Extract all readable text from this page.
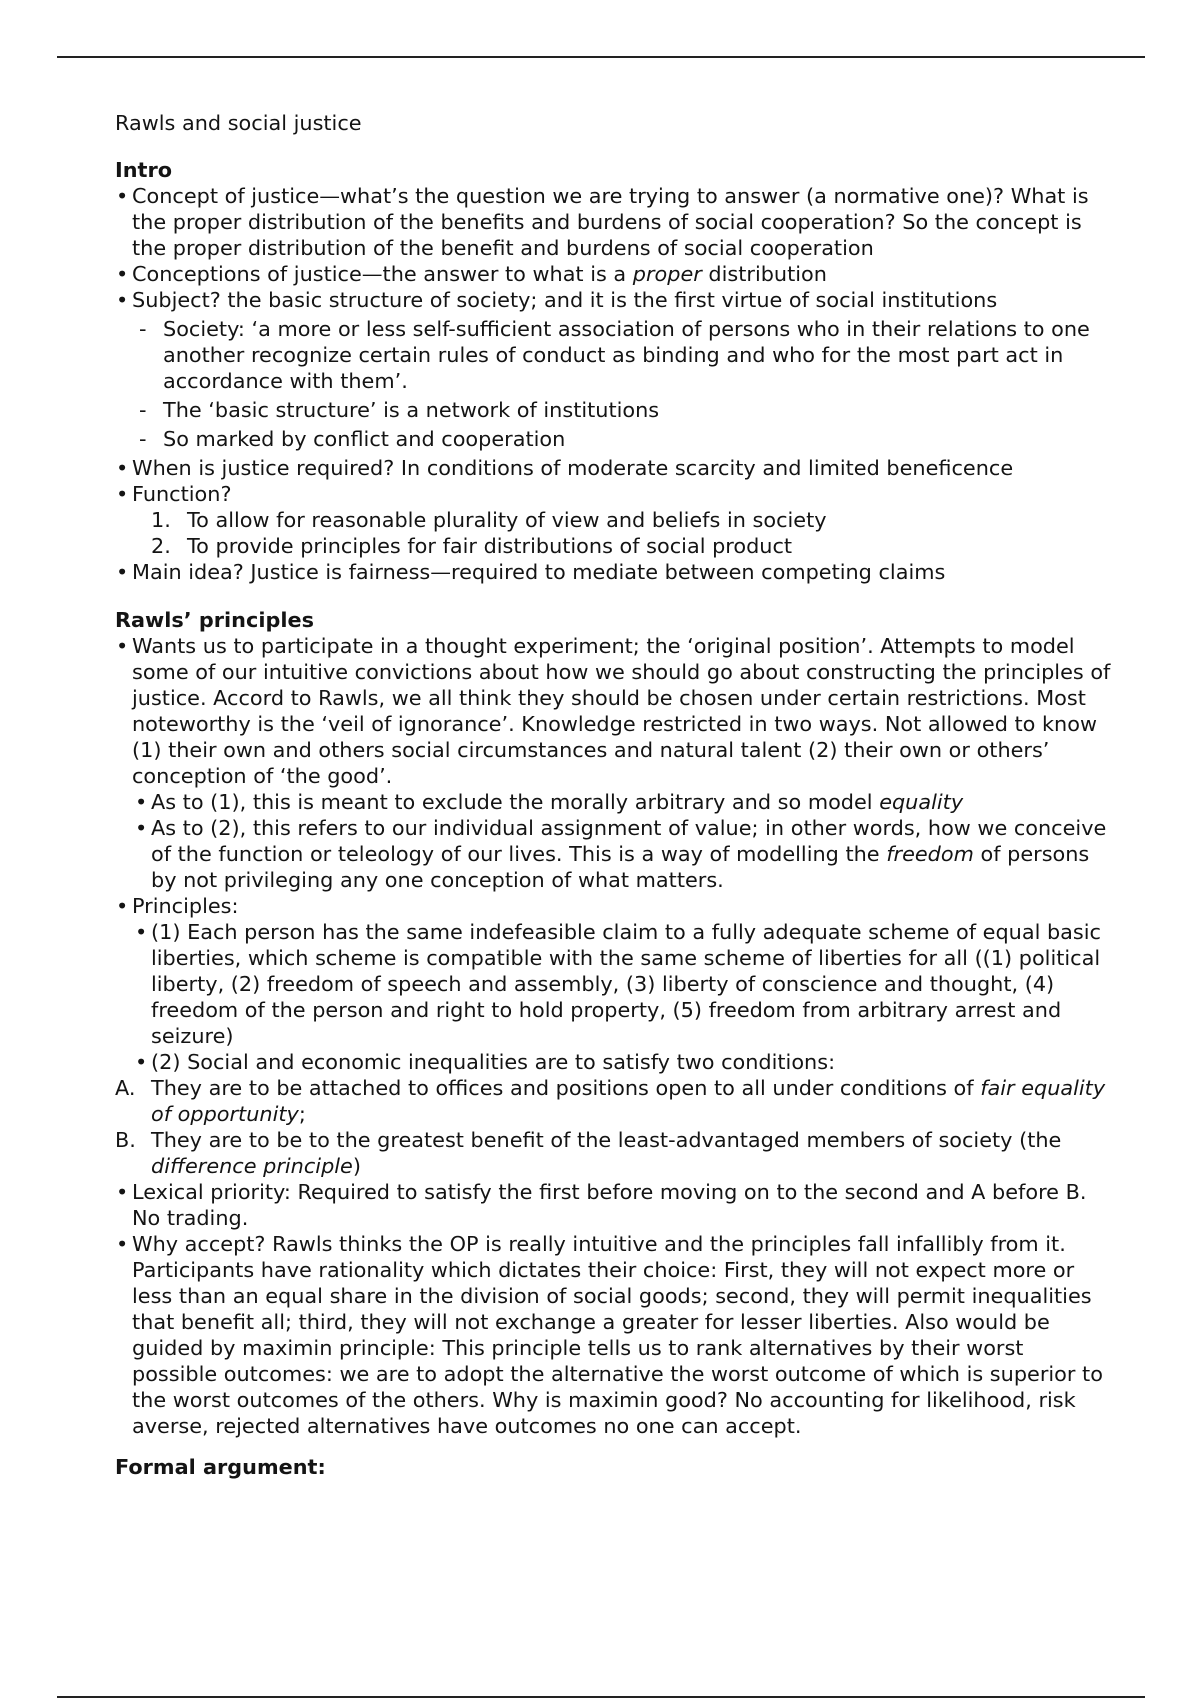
Rawls and social justice
Intro
• Concept of justice—what’s the question we are trying to answer (a normative one)? What is the proper distribution of the benefits and burdens of social cooperation? So the concept is the proper distribution of the benefit and burdens of social cooperation
• Conceptions of justice—the answer to what is a proper distribution
• Subject? the basic structure of society; and it is the first virtue of social institutions
- Society: ‘a more or less self-sufficient association of persons who in their relations to one another recognize certain rules of conduct as binding and who for the most part act in accordance with them’.
- The ‘basic structure’ is a network of institutions
- So marked by conflict and cooperation
• When is justice required? In conditions of moderate scarcity and limited beneficence
• Function?
1. To allow for reasonable plurality of view and beliefs in society
2. To provide principles for fair distributions of social product
• Main idea? Justice is fairness—required to mediate between competing claims
Rawls’ principles
• Wants us to participate in a thought experiment; the ‘original position’. Attempts to model some of our intuitive convictions about how we should go about constructing the principles of justice. Accord to Rawls, we all think they should be chosen under certain restrictions. Most noteworthy is the ‘veil of ignorance’. Knowledge restricted in two ways. Not allowed to know (1) their own and others social circumstances and natural talent (2) their own or others’ conception of ‘the good’.
• As to (1), this is meant to exclude the morally arbitrary and so model equality
• As to (2), this refers to our individual assignment of value; in other words, how we conceive of the function or teleology of our lives. This is a way of modelling the freedom of persons by not privileging any one conception of what matters.
• Principles:
• (1) Each person has the same indefeasible claim to a fully adequate scheme of equal basic liberties, which scheme is compatible with the same scheme of liberties for all ((1) political liberty, (2) freedom of speech and assembly, (3) liberty of conscience and thought, (4) freedom of the person and right to hold property, (5) freedom from arbitrary arrest and seizure)
• (2) Social and economic inequalities are to satisfy two conditions:
A. They are to be attached to offices and positions open to all under conditions of fair equality of opportunity;
B. They are to be to the greatest benefit of the least-advantaged members of society (the difference principle)
• Lexical priority: Required to satisfy the first before moving on to the second and A before B. No trading.
• Why accept? Rawls thinks the OP is really intuitive and the principles fall infallibly from it. Participants have rationality which dictates their choice: First, they will not expect more or less than an equal share in the division of social goods; second, they will permit inequalities that benefit all; third, they will not exchange a greater for lesser liberties. Also would be guided by maximin principle: This principle tells us to rank alternatives by their worst possible outcomes: we are to adopt the alternative the worst outcome of which is superior to the worst outcomes of the others. Why is maximin good? No accounting for likelihood, risk averse, rejected alternatives have outcomes no one can accept.
Formal argument:
